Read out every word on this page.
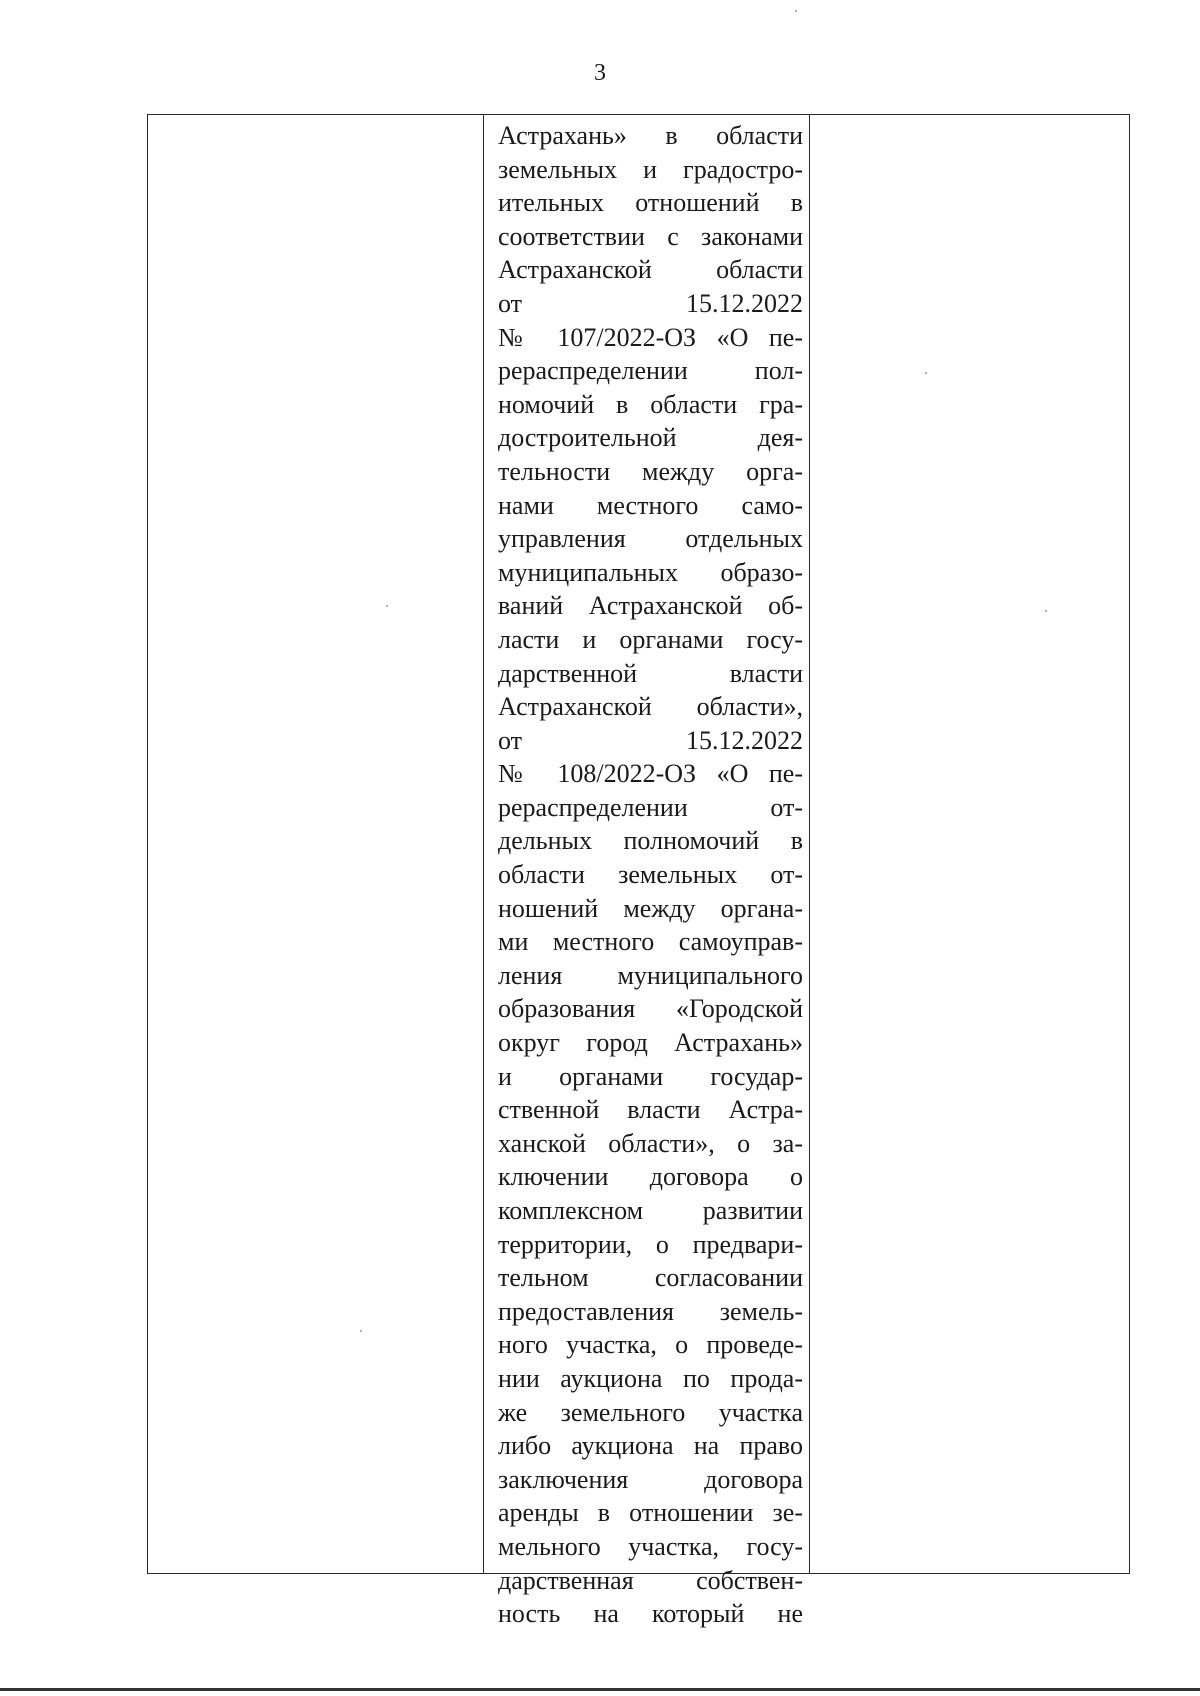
3
Астрахань» в области
земельных и градостро-
ительных отношений в
соответствии с законами
Астраханской области
от 15.12.2022
№ 107/2022-ОЗ «О пе-
рераспределении пол-
номочий в области гра-
достроительной дея-
тельности между орга-
нами местного само-
управления отдельных
муниципальных образо-
ваний Астраханской об-
ласти и органами госу-
дарственной власти
Астраханской области»,
от 15.12.2022
№ 108/2022-ОЗ «О пе-
рераспределении от-
дельных полномочий в
области земельных от-
ношений между органа-
ми местного самоуправ-
ления муниципального
образования «Городской
округ город Астрахань»
и органами государ-
ственной власти Астра-
ханской области», о за-
ключении договора о
комплексном развитии
территории, о предвари-
тельном согласовании
предоставления земель-
ного участка, о проведе-
нии аукциона по прода-
же земельного участка
либо аукциона на право
заключения договора
аренды в отношении зе-
мельного участка, госу-
дарственная собствен-
ность на который не
